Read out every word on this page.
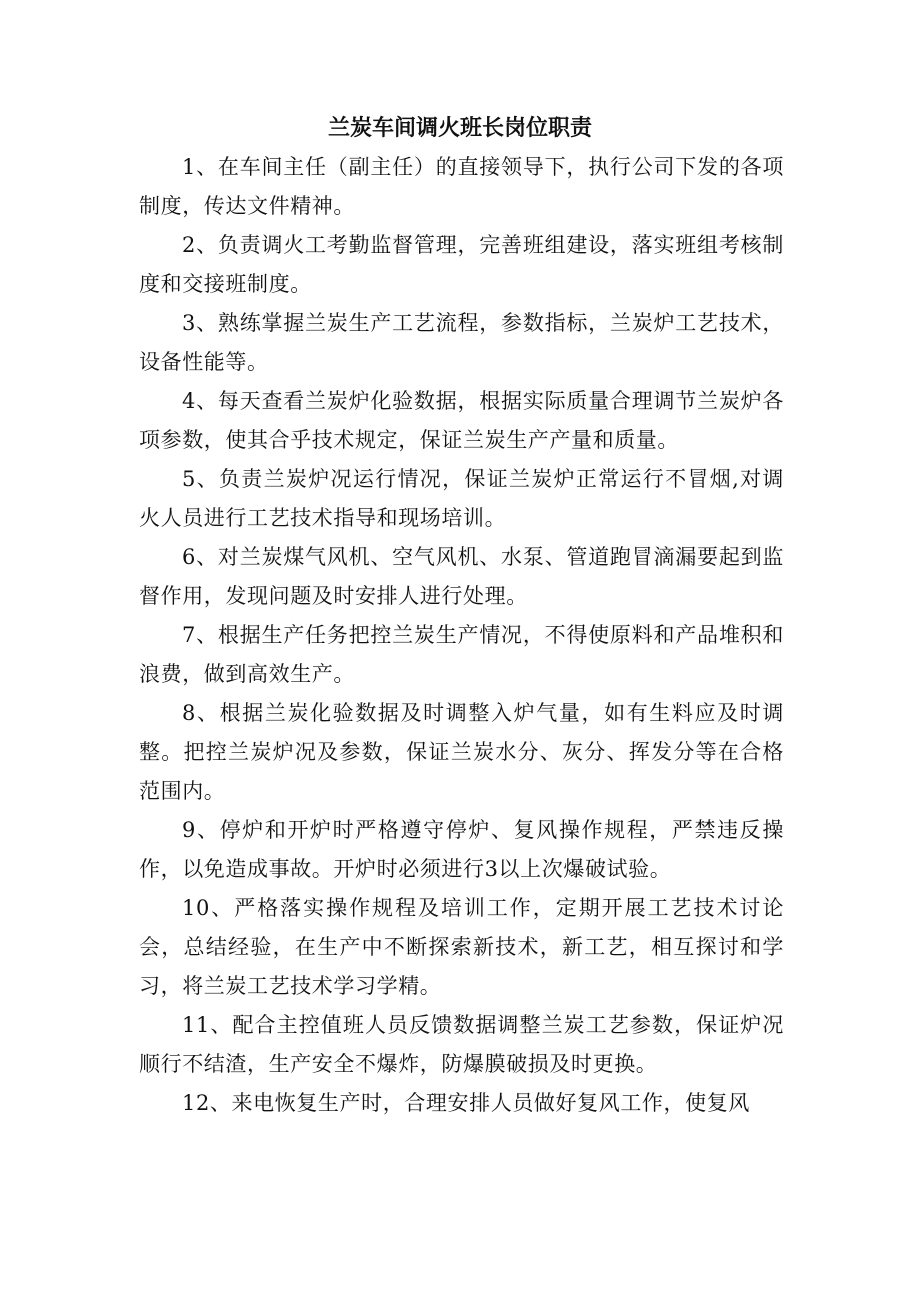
兰炭车间调火班长岗位职责

1、在车间主任（副主任）的直接领导下，执行公司下发的各项制度，传达文件精神。

2、负责调火工考勤监督管理，完善班组建设，落实班组考核制度和交接班制度。

3、熟练掌握兰炭生产工艺流程，参数指标，兰炭炉工艺技术，设备性能等。

4、每天查看兰炭炉化验数据，根据实际质量合理调节兰炭炉各项参数，使其合乎技术规定，保证兰炭生产产量和质量。

5、负责兰炭炉况运行情况，保证兰炭炉正常运行不冒烟,对调火人员进行工艺技术指导和现场培训。

6、对兰炭煤气风机、空气风机、水泵、管道跑冒滴漏要起到监督作用，发现问题及时安排人进行处理。

7、根据生产任务把控兰炭生产情况，不得使原料和产品堆积和浪费，做到高效生产。

8、根据兰炭化验数据及时调整入炉气量，如有生料应及时调整。把控兰炭炉况及参数，保证兰炭水分、灰分、挥发分等在合格范围内。

9、停炉和开炉时严格遵守停炉、复风操作规程，严禁违反操作，以免造成事故。开炉时必须进行3以上次爆破试验。

10、严格落实操作规程及培训工作，定期开展工艺技术讨论会，总结经验，在生产中不断探索新技术，新工艺，相互探讨和学习，将兰炭工艺技术学习学精。

11、配合主控值班人员反馈数据调整兰炭工艺参数，保证炉况顺行不结渣，生产安全不爆炸，防爆膜破损及时更换。

12、来电恢复生产时，合理安排人员做好复风工作，使复风
